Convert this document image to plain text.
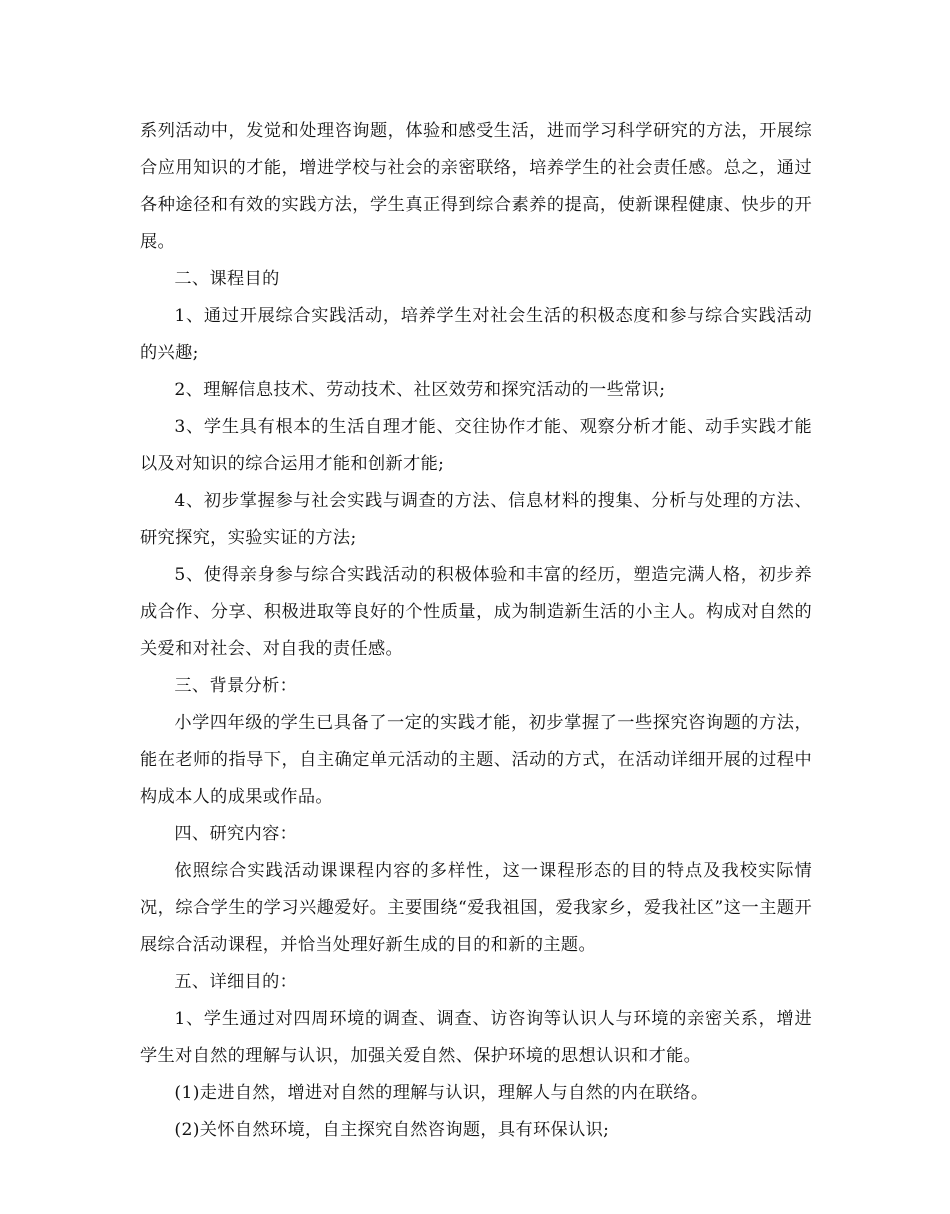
系列活动中，发觉和处理咨询题，体验和感受生活，进而学习科学研究的方法，开展综合应用知识的才能，增进学校与社会的亲密联络，培养学生的社会责任感。总之，通过各种途径和有效的实践方法，学生真正得到综合素养的提高，使新课程健康、快步的开展。

二、课程目的

1、通过开展综合实践活动，培养学生对社会生活的积极态度和参与综合实践活动的兴趣;

2、理解信息技术、劳动技术、社区效劳和探究活动的一些常识;

3、学生具有根本的生活自理才能、交往协作才能、观察分析才能、动手实践才能以及对知识的综合运用才能和创新才能;

4、初步掌握参与社会实践与调查的方法、信息材料的搜集、分析与处理的方法、研究探究，实验实证的方法;

5、使得亲身参与综合实践活动的积极体验和丰富的经历，塑造完满人格，初步养成合作、分享、积极进取等良好的个性质量，成为制造新生活的小主人。构成对自然的关爱和对社会、对自我的责任感。

三、背景分析：

小学四年级的学生已具备了一定的实践才能，初步掌握了一些探究咨询题的方法，能在老师的指导下，自主确定单元活动的主题、活动的方式，在活动详细开展的过程中构成本人的成果或作品。

四、研究内容：

依照综合实践活动课课程内容的多样性，这一课程形态的目的特点及我校实际情况，综合学生的学习兴趣爱好。主要围绕“爱我祖国，爱我家乡，爱我社区”这一主题开展综合活动课程，并恰当处理好新生成的目的和新的主题。

五、详细目的：

1、学生通过对四周环境的调查、调查、访咨询等认识人与环境的亲密关系，增进学生对自然的理解与认识，加强关爱自然、保护环境的思想认识和才能。

(1)走进自然，增进对自然的理解与认识，理解人与自然的内在联络。

(2)关怀自然环境，自主探究自然咨询题，具有环保认识;
